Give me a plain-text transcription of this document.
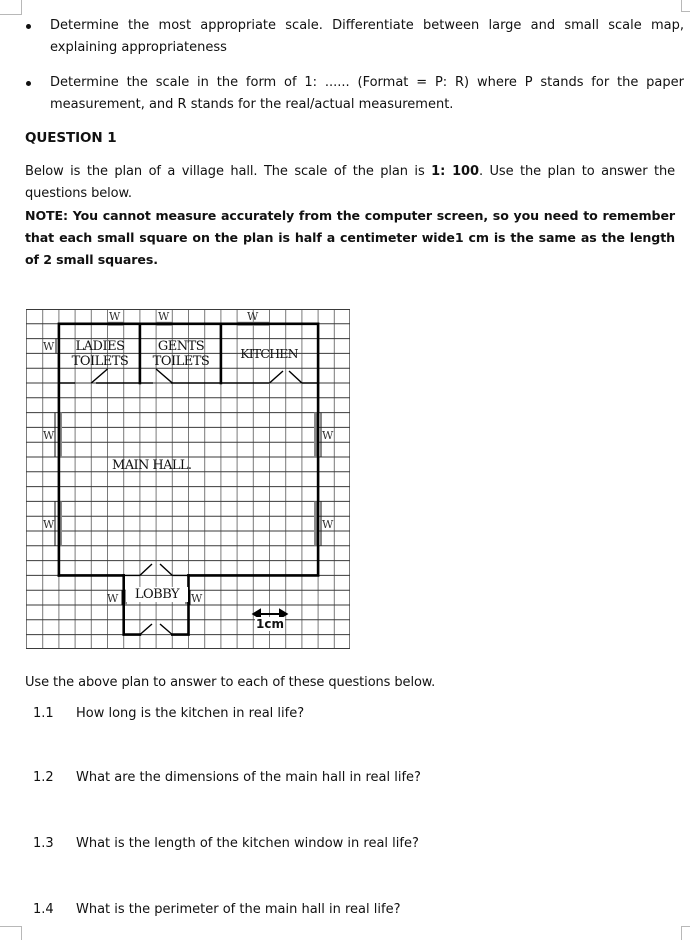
Determine the most appropriate scale. Differentiate between large and small scale map, explaining appropriateness
Determine the scale in the form of 1: ...... (Format = P: R) where P stands for the paper measurement, and R stands for the real/actual measurement.
QUESTION 1
Below is the plan of a village hall. The scale of the plan is 1: 100. Use the plan to answer the questions below.
NOTE: You cannot measure accurately from the computer screen, so you need to remember that each small square on the plan is half a centimeter wide1 cm is the same as the length of 2 small squares.
W	W	W
W
W
W
W
W
W	W
LADIES
TOILETS
GENTS
TOILETS
KITCHEN
MAIN HALL.
LOBBY
1cm
Use the above plan to answer to each of these questions below.
1.1	How long is the kitchen in real life?
1.2	What are the dimensions of the main hall in real life?
1.3	What is the length of the kitchen window in real life?
1.4	What is the perimeter of the main hall in real life?
